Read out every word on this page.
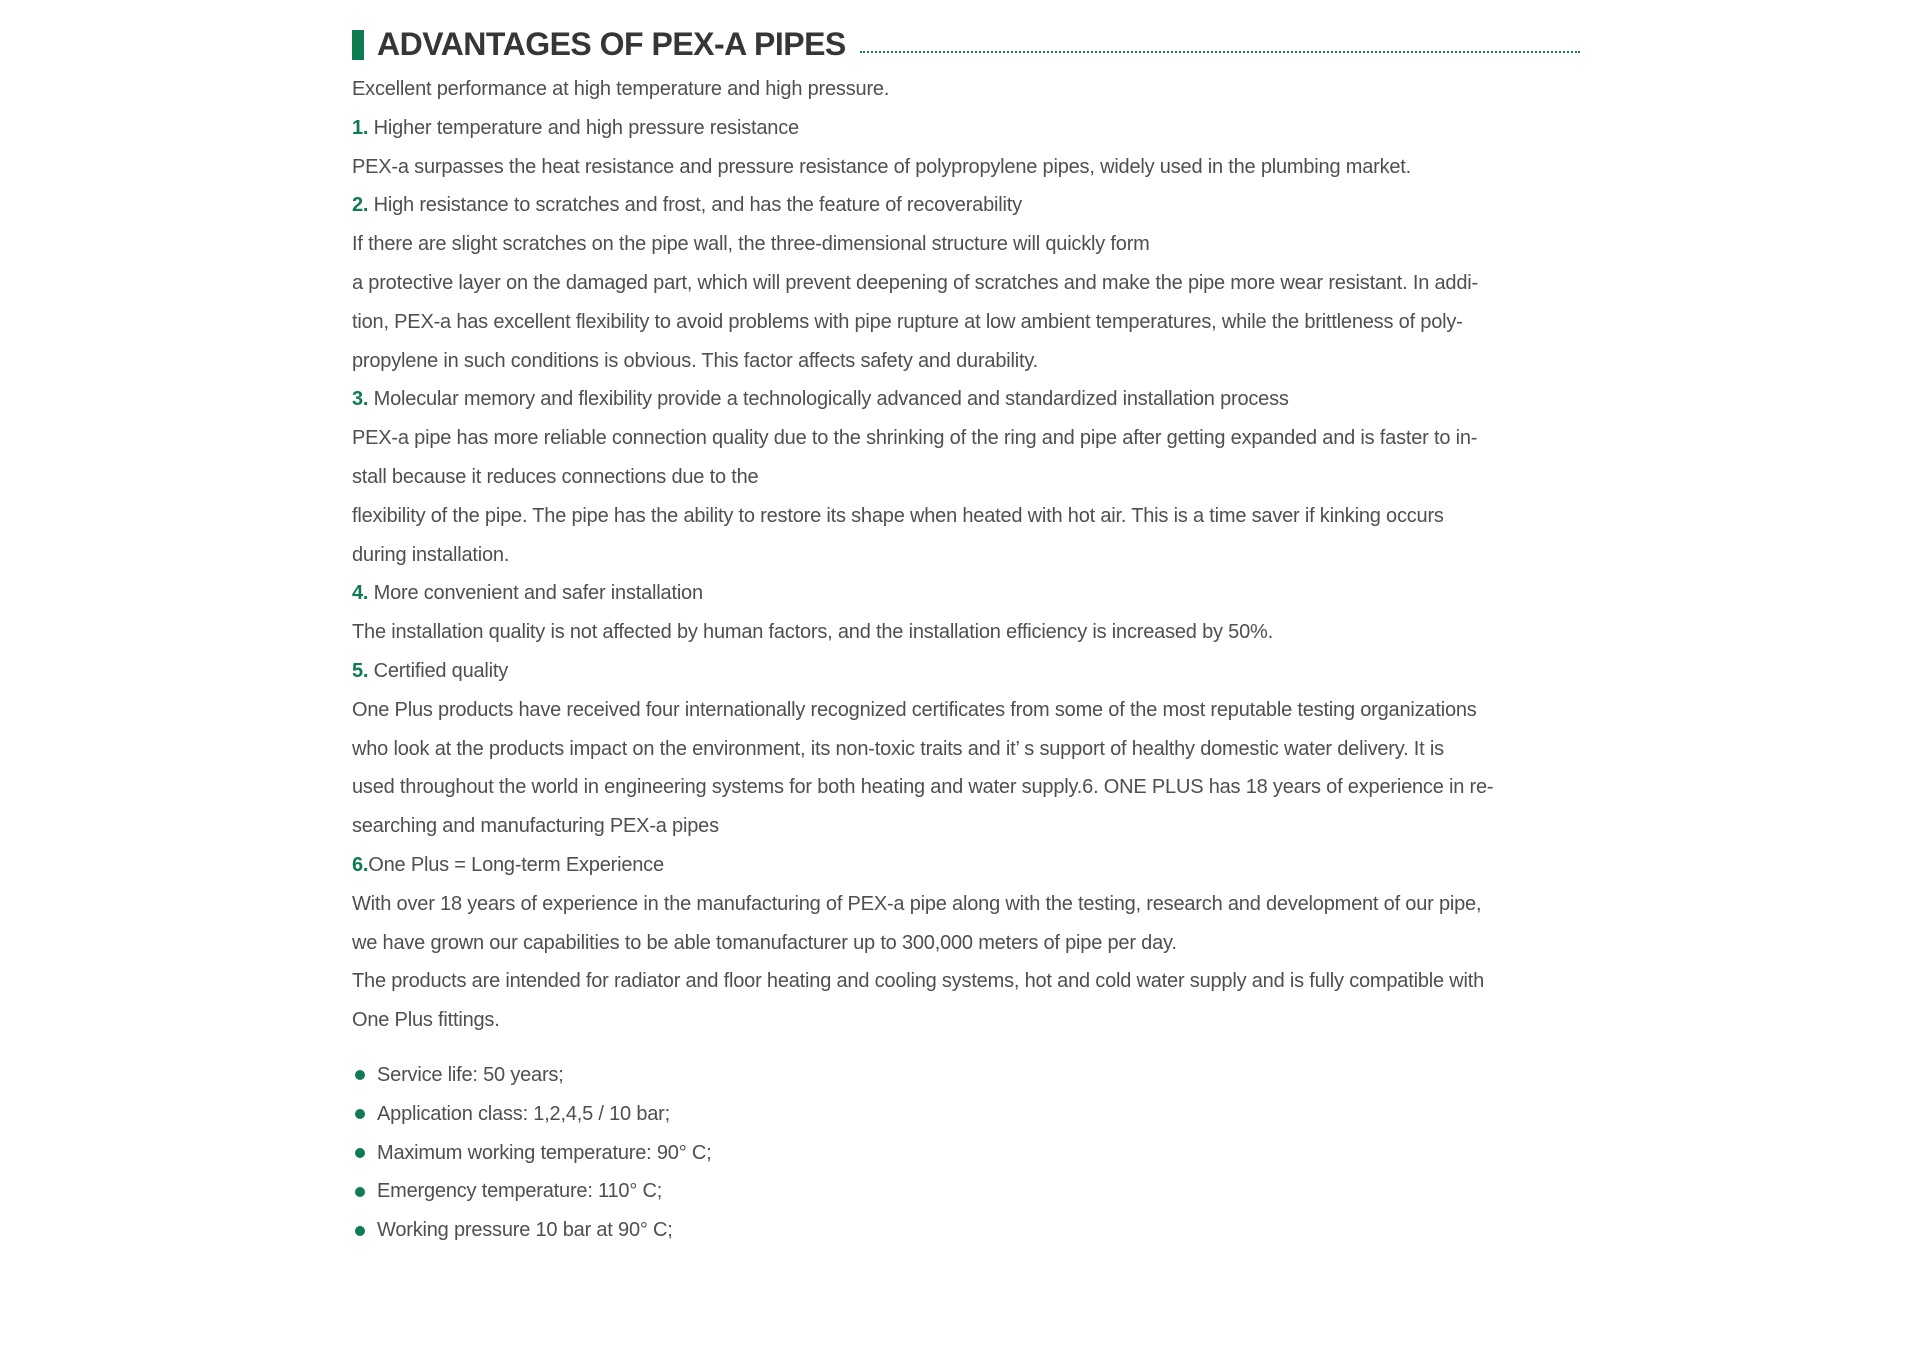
ADVANTAGES OF PEX-A PIPES
Excellent performance at high temperature and high pressure.
1. Higher temperature and high pressure resistance
PEX-a surpasses the heat resistance and pressure resistance of polypropylene pipes, widely used in the plumbing market.
2. High resistance to scratches and frost, and has the feature of recoverability
If there are slight scratches on the pipe wall, the three-dimensional structure will quickly form
a protective layer on the damaged part, which will prevent deepening of scratches and make the pipe more wear resistant. In addi-
tion, PEX-a has excellent flexibility to avoid problems with pipe rupture at low ambient temperatures, while the brittleness of poly-
propylene in such conditions is obvious. This factor affects safety and durability.
3. Molecular memory and flexibility provide a technologically advanced and standardized installation process
PEX-a pipe has more reliable connection quality due to the shrinking of the ring and pipe after getting expanded and is faster to in-
stall because it reduces connections due to the
flexibility of the pipe. The pipe has the ability to restore its shape when heated with hot air. This is a time saver if kinking occurs
during installation.
4. More convenient and safer installation
The installation quality is not affected by human factors, and the installation efficiency is increased by 50%.
5. Certified quality
One Plus products have received four internationally recognized certificates from some of the most reputable testing organizations
who look at the products impact on the environment, its non-toxic traits and it’ s support of healthy domestic water delivery. It is
used throughout the world in engineering systems for both heating and water supply.6. ONE PLUS has 18 years of experience in re-
searching and manufacturing PEX-a pipes
6.One Plus = Long-term Experience
With over 18 years of experience in the manufacturing of PEX-a pipe along with the testing, research and development of our pipe,
we have grown our capabilities to be able tomanufacturer up to 300,000 meters of pipe per day.
The products are intended for radiator and floor heating and cooling systems, hot and cold water supply and is fully compatible with
One Plus fittings.
Service life: 50 years;
Application class: 1,2,4,5 / 10 bar;
Maximum working temperature: 90° C;
Emergency temperature: 110° C;
Working pressure 10 bar at 90° C;
